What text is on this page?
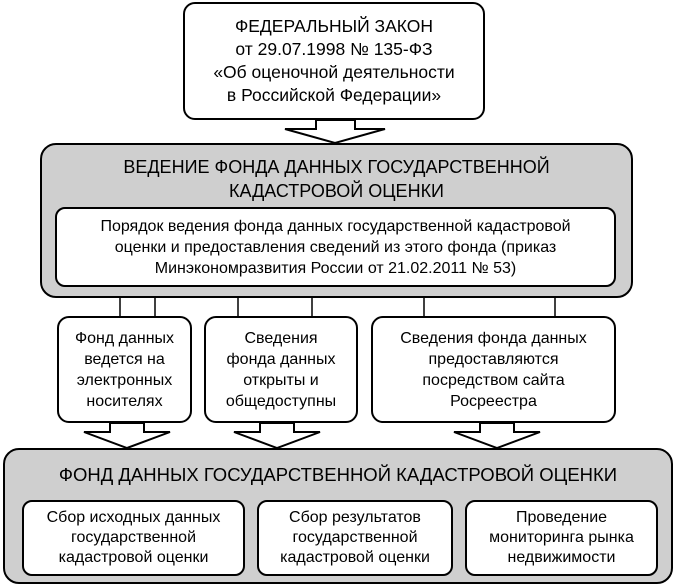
ФЕДЕРАЛЬНЫЙ ЗАКОН
от 29.07.1998 № 135-ФЗ
«Об оценочной деятельности
в Российской Федерации»
ВЕДЕНИЕ ФОНДА ДАННЫХ ГОСУДАРСТВЕННОЙ
КАДАСТРОВОЙ ОЦЕНКИ
Порядок ведения фонда данных государственной кадастровой
оценки и предоставления сведений из этого фонда (приказ
Минэкономразвития России от 21.02.2011 № 53)
Фонд данных
ведется на
электронных
носителях
Сведения
фонда данных
открыты и
общедоступны
Сведения фонда данных
предоставляются
посредством сайта
Росреестра
ФОНД ДАННЫХ ГОСУДАРСТВЕННОЙ КАДАСТРОВОЙ ОЦЕНКИ
Сбор исходных данных
государственной
кадастровой оценки
Сбор результатов
государственной
кадастровой оценки
Проведение
мониторинга рынка
недвижимости
